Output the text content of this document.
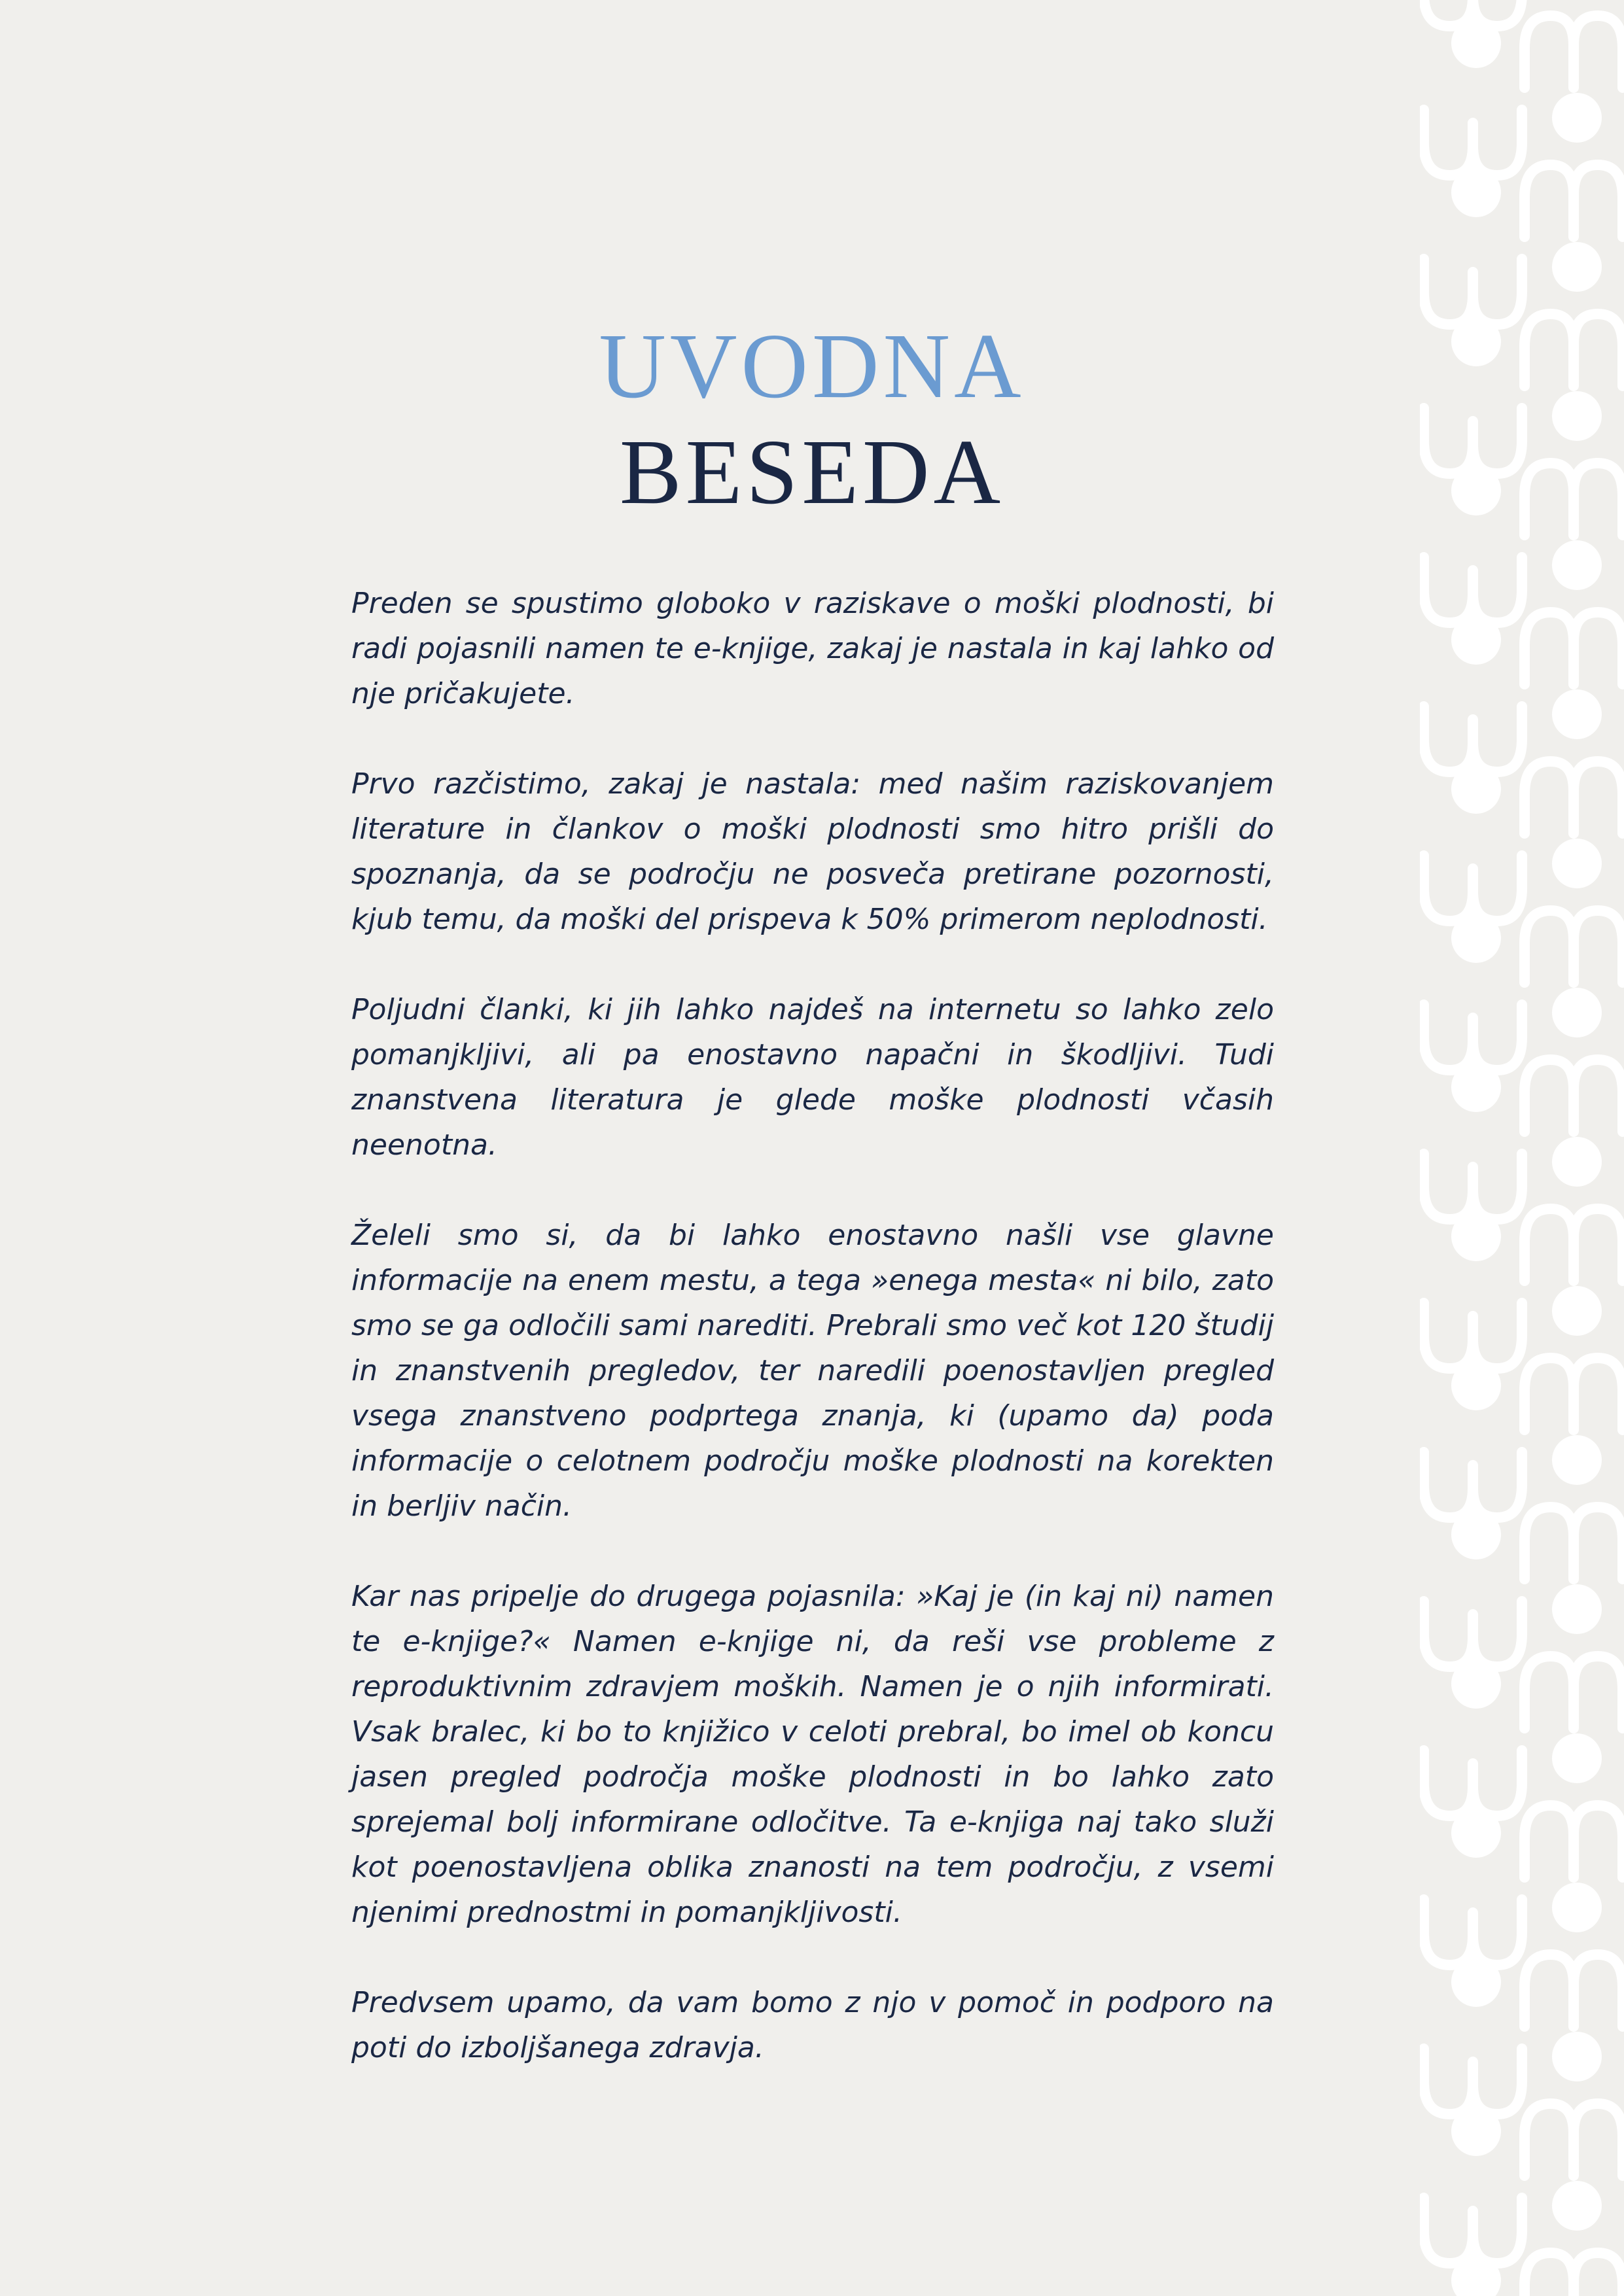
UVODNA
BESEDA

Preden se spustimo globoko v raziskave o moški plodnosti, bi radi pojasnili namen te e-knjige, zakaj je nastala in kaj lahko od nje pričakujete.

Prvo razčistimo, zakaj je nastala: med našim raziskovanjem literature in člankov o moški plodnosti smo hitro prišli do spoznanja, da se področju ne posveča pretirane pozornosti, kjub temu, da moški del prispeva k 50% primerom neplodnosti.

Poljudni članki, ki jih lahko najdeš na internetu so lahko zelo pomanjkljivi, ali pa enostavno napačni in škodljivi. Tudi znanstvena literatura je glede moške plodnosti včasih neenotna.

Želeli smo si, da bi lahko enostavno našli vse glavne informacije na enem mestu, a tega »enega mesta« ni bilo, zato smo se ga odločili sami narediti. Prebrali smo več kot 120 študij in znanstvenih pregledov, ter naredili poenostavljen pregled vsega znanstveno podprtega znanja, ki (upamo da) poda informacije o celotnem področju moške plodnosti na korekten in berljiv način.

Kar nas pripelje do drugega pojasnila: »Kaj je (in kaj ni) namen te e-knjige?« Namen e-knjige ni, da reši vse probleme z reproduktivnim zdravjem moških. Namen je o njih informirati. Vsak bralec, ki bo to knjižico v celoti prebral, bo imel ob koncu jasen pregled področja moške plodnosti in bo lahko zato sprejemal bolj informirane odločitve. Ta e-knjiga naj tako služi kot poenostavljena oblika znanosti na tem področju, z vsemi njenimi prednostmi in pomanjkljivosti.

Predvsem upamo, da vam bomo z njo v pomoč in podporo na poti do izboljšanega zdravja.
